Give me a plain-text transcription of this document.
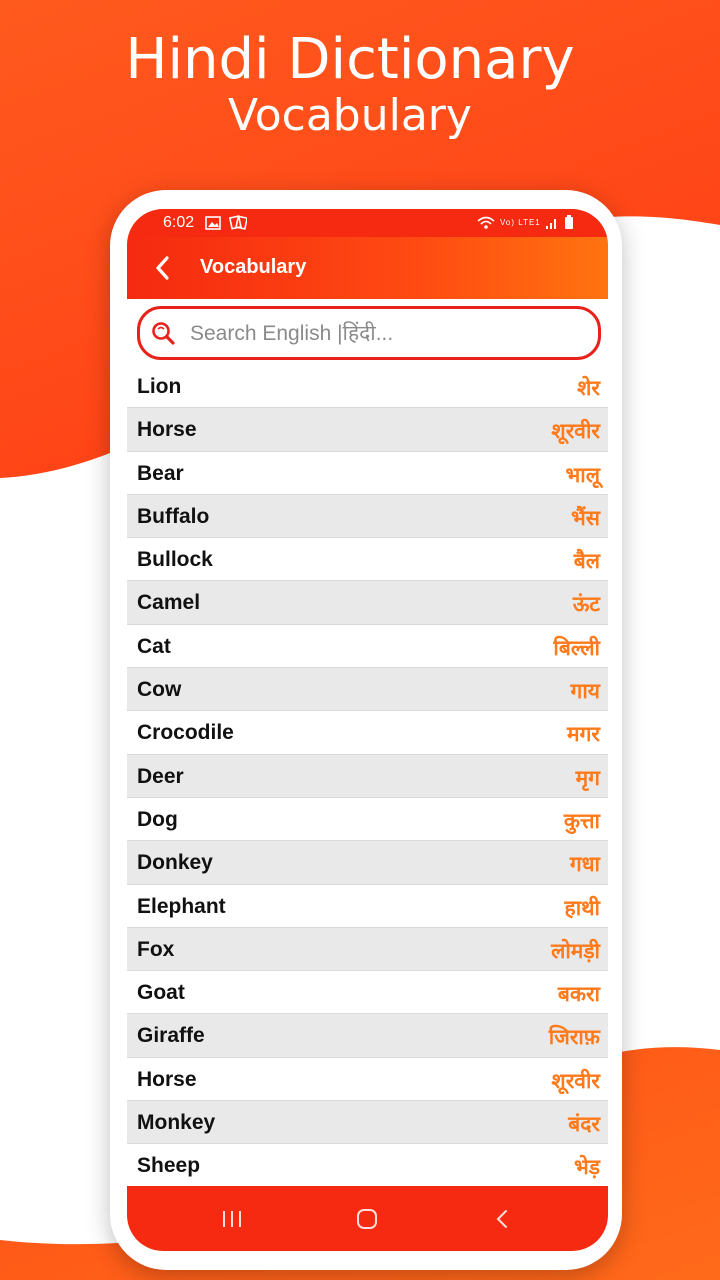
Hindi Dictionary
Vocabulary
6:02
	Vo) LTE1
Vocabulary
Search English |हिंदी...
Lion	शेर
Horse	शूरवीर
Bear	भालू
Buffalo	भैंस
Bullock	बैल
Camel	ऊंट
Cat	बिल्ली
Cow	गाय
Crocodile	मगर
Deer	मृग
Dog	कुत्ता
Donkey	गधा
Elephant	हाथी
Fox	लोमड़ी
Goat	बकरा
Giraffe	जिराफ़
Horse	शूरवीर
Monkey	बंदर
Sheep	भेड़
